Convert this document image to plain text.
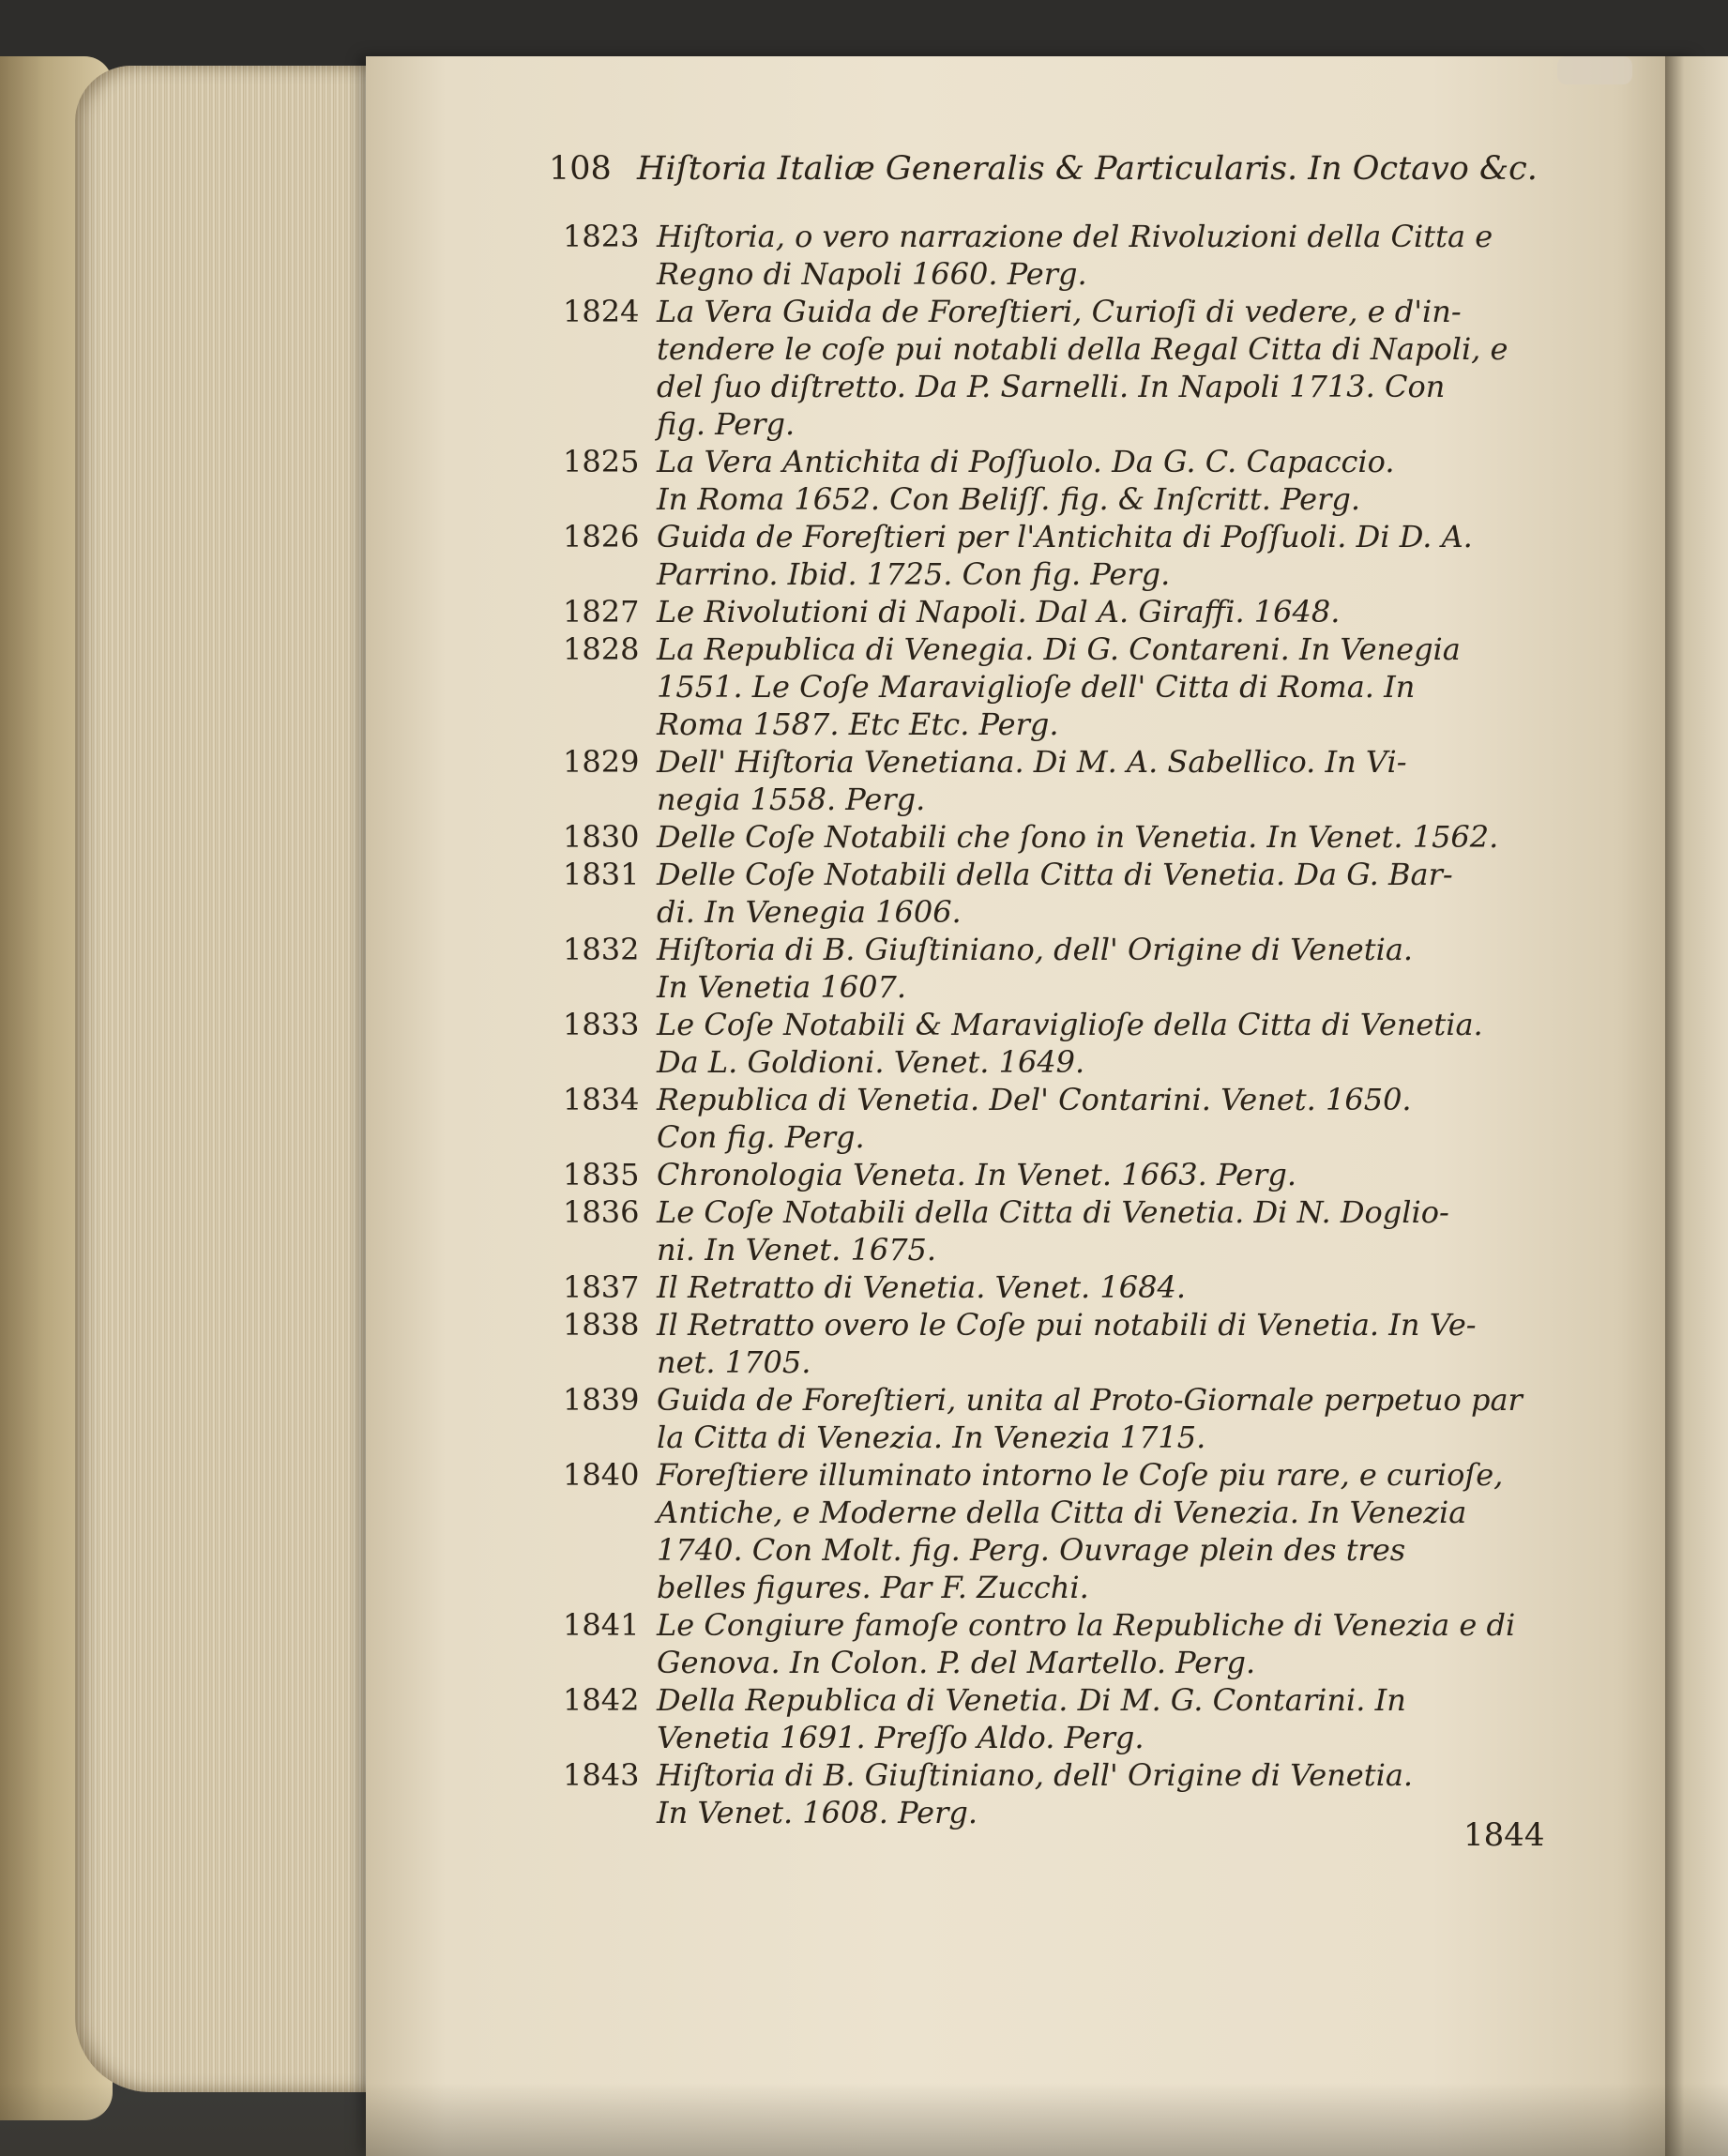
108 Hiſtoria Italiæ Generalis & Particularis. In Octavo &c.
1823 Hiſtoria, o vero narrazione del Rivoluzioni della Citta e
Regno di Napoli 1660. Perg.
1824 La Vera Guida de Foreſtieri, Curioſi di vedere, e d'in-
tendere le coſe pui notabli della Regal Citta di Napoli, e
del ſuo diſtretto. Da P. Sarnelli. In Napoli 1713. Con
fig. Perg.
1825 La Vera Antichita di Poſſuolo. Da G. C. Capaccio.
In Roma 1652. Con Beliſſ. fig. & Inſcritt. Perg.
1826 Guida de Foreſtieri per l'Antichita di Poſſuoli. Di D. A.
Parrino. Ibid. 1725. Con fig. Perg.
1827 Le Rivolutioni di Napoli. Dal A. Giraffi. 1648.
1828 La Republica di Venegia. Di G. Contareni. In Venegia
1551. Le Coſe Maraviglioſe dell' Citta di Roma. In
Roma 1587. Etc Etc. Perg.
1829 Dell' Hiſtoria Venetiana. Di M. A. Sabellico. In Vi-
negia 1558. Perg.
1830 Delle Coſe Notabili che ſono in Venetia. In Venet. 1562.
1831 Delle Coſe Notabili della Citta di Venetia. Da G. Bar-
di. In Venegia 1606.
1832 Hiſtoria di B. Giuſtiniano, dell' Origine di Venetia.
In Venetia 1607.
1833 Le Coſe Notabili & Maraviglioſe della Citta di Venetia.
Da L. Goldioni. Venet. 1649.
1834 Republica di Venetia. Del' Contarini. Venet. 1650.
Con fig. Perg.
1835 Chronologia Veneta. In Venet. 1663. Perg.
1836 Le Coſe Notabili della Citta di Venetia. Di N. Doglio-
ni. In Venet. 1675.
1837 Il Retratto di Venetia. Venet. 1684.
1838 Il Retratto overo le Coſe pui notabili di Venetia. In Ve-
net. 1705.
1839 Guida de Foreſtieri, unita al Proto-Giornale perpetuo par
la Citta di Venezia. In Venezia 1715.
1840 Foreſtiere illuminato intorno le Coſe piu rare, e curioſe,
Antiche, e Moderne della Citta di Venezia. In Venezia
1740. Con Molt. fig. Perg. Ouvrage plein des tres
belles figures. Par F. Zucchi.
1841 Le Congiure famoſe contro la Republiche di Venezia e di
Genova. In Colon. P. del Martello. Perg.
1842 Della Republica di Venetia. Di M. G. Contarini. In
Venetia 1691. Preſſo Aldo. Perg.
1843 Hiſtoria di B. Giuſtiniano, dell' Origine di Venetia.
In Venet. 1608. Perg.
1844
